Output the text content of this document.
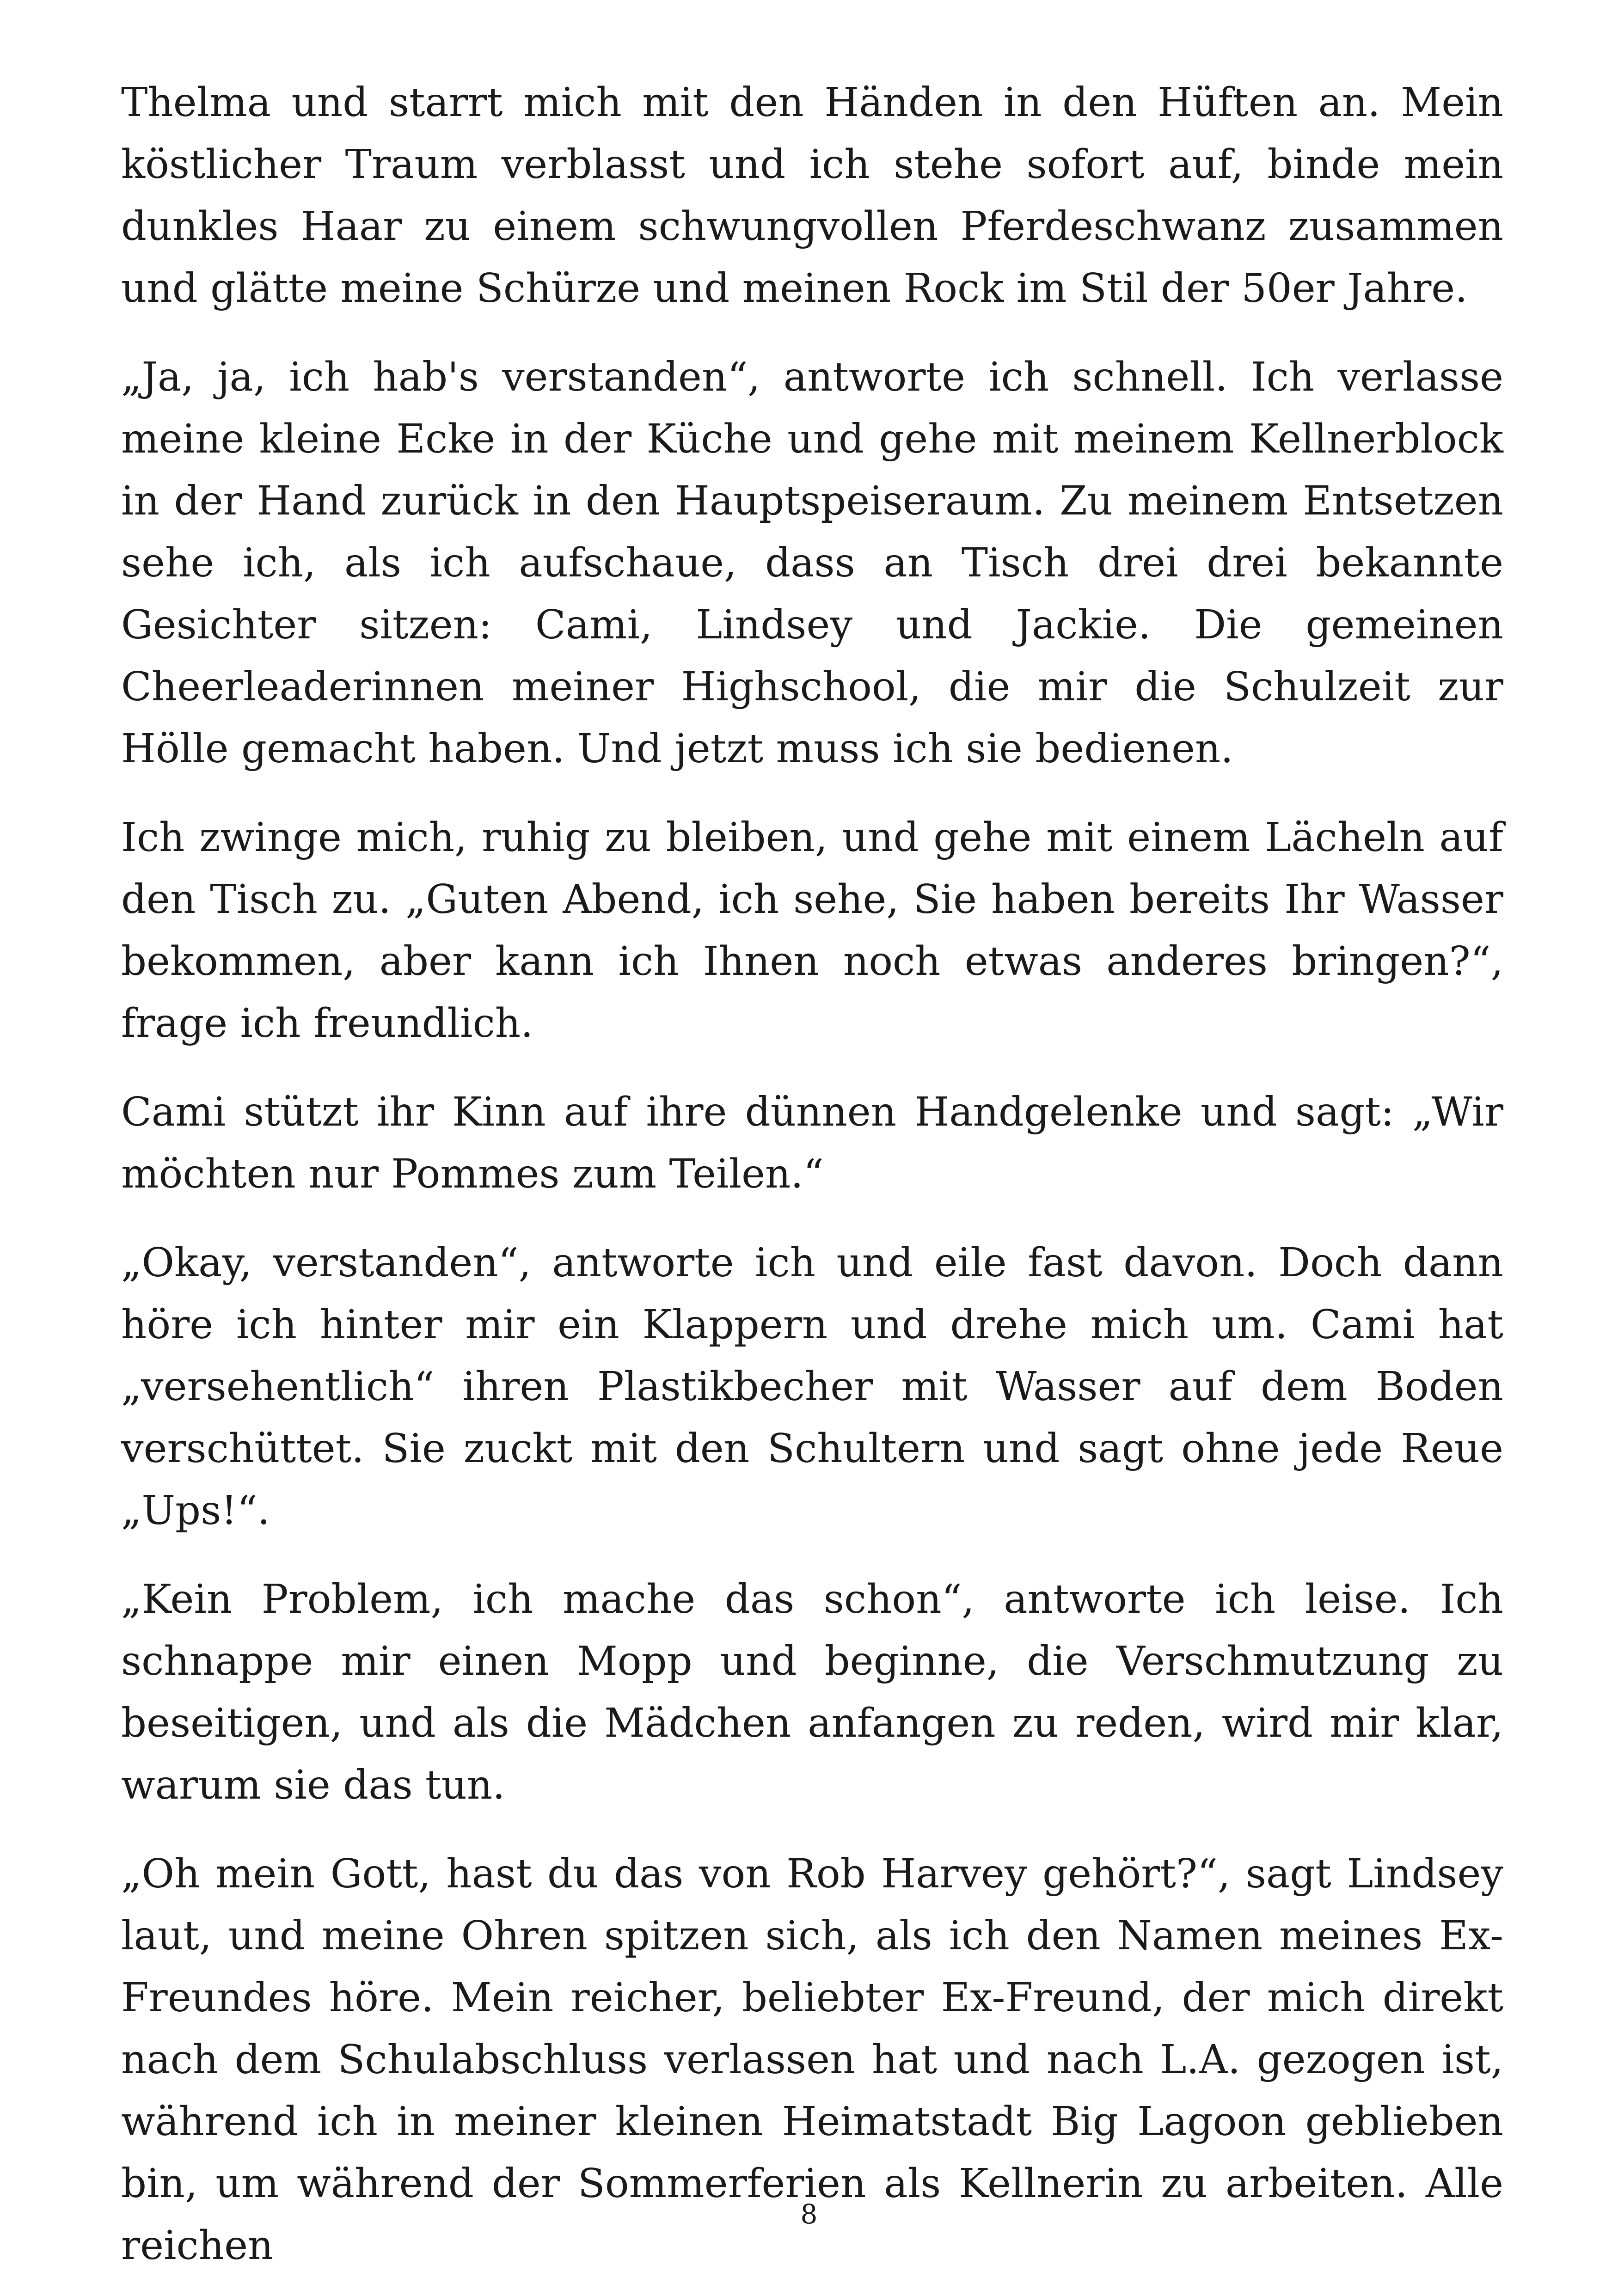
Thelma und starrt mich mit den Händen in den Hüften an. Mein köstlicher Traum verblasst und ich stehe sofort auf, binde mein dunkles Haar zu einem schwungvollen Pferdeschwanz zusammen und glätte meine Schürze und meinen Rock im Stil der 50er Jahre.

„Ja, ja, ich hab's verstanden“, antworte ich schnell. Ich verlasse meine kleine Ecke in der Küche und gehe mit meinem Kellnerblock in der Hand zurück in den Hauptspeiseraum. Zu meinem Entsetzen sehe ich, als ich aufschaue, dass an Tisch drei drei bekannte Gesichter sitzen: Cami, Lindsey und Jackie. Die gemeinen Cheerleaderinnen meiner Highschool, die mir die Schulzeit zur Hölle gemacht haben. Und jetzt muss ich sie bedienen.

Ich zwinge mich, ruhig zu bleiben, und gehe mit einem Lächeln auf den Tisch zu. „Guten Abend, ich sehe, Sie haben bereits Ihr Wasser bekommen, aber kann ich Ihnen noch etwas anderes bringen?“, frage ich freundlich.

Cami stützt ihr Kinn auf ihre dünnen Handgelenke und sagt: „Wir möchten nur Pommes zum Teilen.“

„Okay, verstanden“, antworte ich und eile fast davon. Doch dann höre ich hinter mir ein Klappern und drehe mich um. Cami hat „versehentlich“ ihren Plastikbecher mit Wasser auf dem Boden verschüttet. Sie zuckt mit den Schultern und sagt ohne jede Reue „Ups!“.

„Kein Problem, ich mache das schon“, antworte ich leise. Ich schnappe mir einen Mopp und beginne, die Verschmutzung zu beseitigen, und als die Mädchen anfangen zu reden, wird mir klar, warum sie das tun.

„Oh mein Gott, hast du das von Rob Harvey gehört?“, sagt Lindsey laut, und meine Ohren spitzen sich, als ich den Namen meines Ex-Freundes höre. Mein reicher, beliebter Ex-Freund, der mich direkt nach dem Schulabschluss verlassen hat und nach L.A. gezogen ist, während ich in meiner kleinen Heimatstadt Big Lagoon geblieben bin, um während der Sommerferien als Kellnerin zu arbeiten. Alle reichen

8
